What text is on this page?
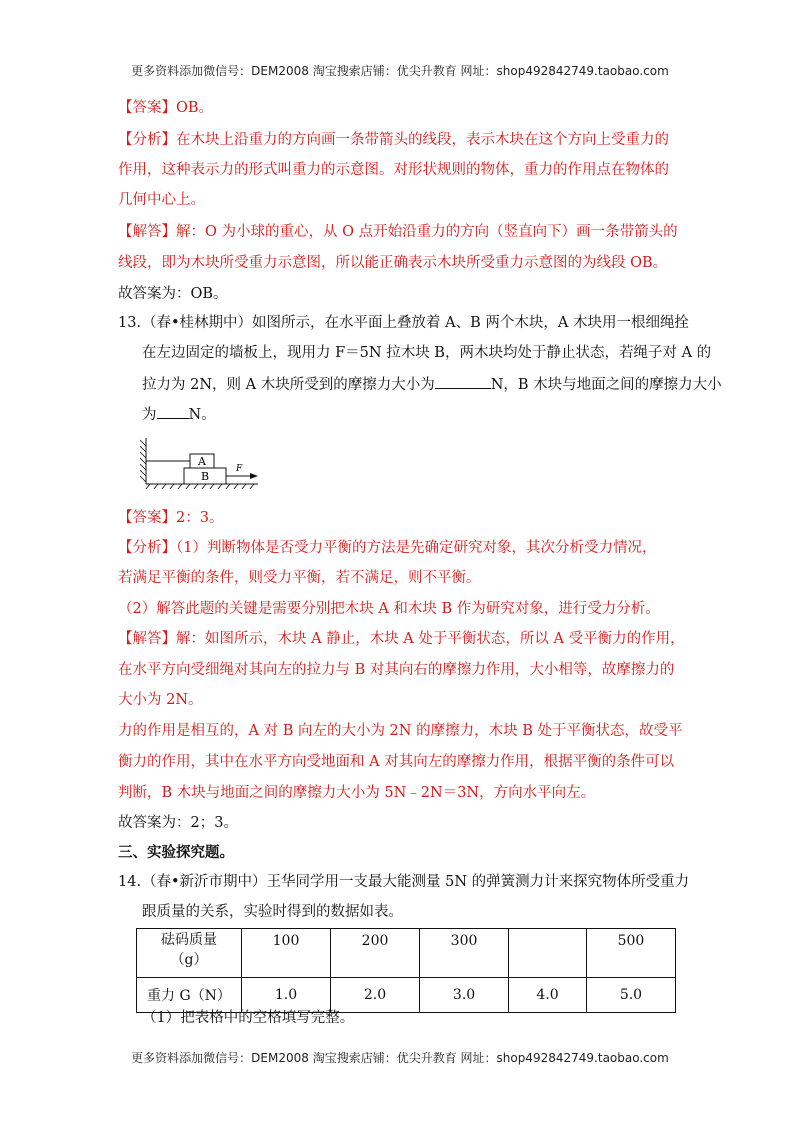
更多资料添加微信号：DEM2008 淘宝搜索店铺：优尖升教育 网址：shop492842749.taobao.com
【答案】OB。
【分析】在木块上沿重力的方向画一条带箭头的线段，表示木块在这个方向上受重力的
作用，这种表示力的形式叫重力的示意图。对形状规则的物体，重力的作用点在物体的
几何中心上。
【解答】解：O 为小球的重心，从 O 点开始沿重力的方向（竖直向下）画一条带箭头的
线段，即为木块所受重力示意图，所以能正确表示木块所受重力示意图的为线段 OB。
故答案为：OB。
13. （春•桂林期中）如图所示，在水平面上叠放着 A、B 两个木块，A 木块用一根细绳拴
在左边固定的墙板上，现用力 F＝5N 拉木块 B，两木块均处于静止状态，若绳子对 A 的
拉力为 2N，则 A 木块所受到的摩擦力大小为	N，B 木块与地面之间的摩擦力大小
为 N。
A
B
F
【答案】2：3。
【分析】（1）判断物体是否受力平衡的方法是先确定研究对象，其次分析受力情况，
若满足平衡的条件，则受力平衡，若不满足，则不平衡。
（2）解答此题的关键是需要分别把木块 A 和木块 B 作为研究对象，进行受力分析。
【解答】解：如图所示，木块 A 静止，木块 A 处于平衡状态，所以 A 受平衡力的作用，
在水平方向受细绳对其向左的拉力与 B 对其向右的摩擦力作用，大小相等，故摩擦力的
大小为 2N。
力的作用是相互的，A 对 B 向左的大小为 2N 的摩擦力，木块 B 处于平衡状态，故受平
衡力的作用，其中在水平方向受地面和 A 对其向左的摩擦力作用，根据平衡的条件可以
判断，B 木块与地面之间的摩擦力大小为 5N﹣2N＝3N，方向水平向左。
故答案为：2；3。
三、实验探究题。
14. （春•新沂市期中）王华同学用一支最大能测量 5N 的弹簧测力计来探究物体所受重力
跟质量的关系，实验时得到的数据如表。
砝码质量
（g）	100	200	300		500
重力 G（N）	1.0	2.0	3.0	4.0	5.0
（1）把表格中的空格填写完整。
更多资料添加微信号：DEM2008 淘宝搜索店铺：优尖升教育 网址：shop492842749.taobao.com
